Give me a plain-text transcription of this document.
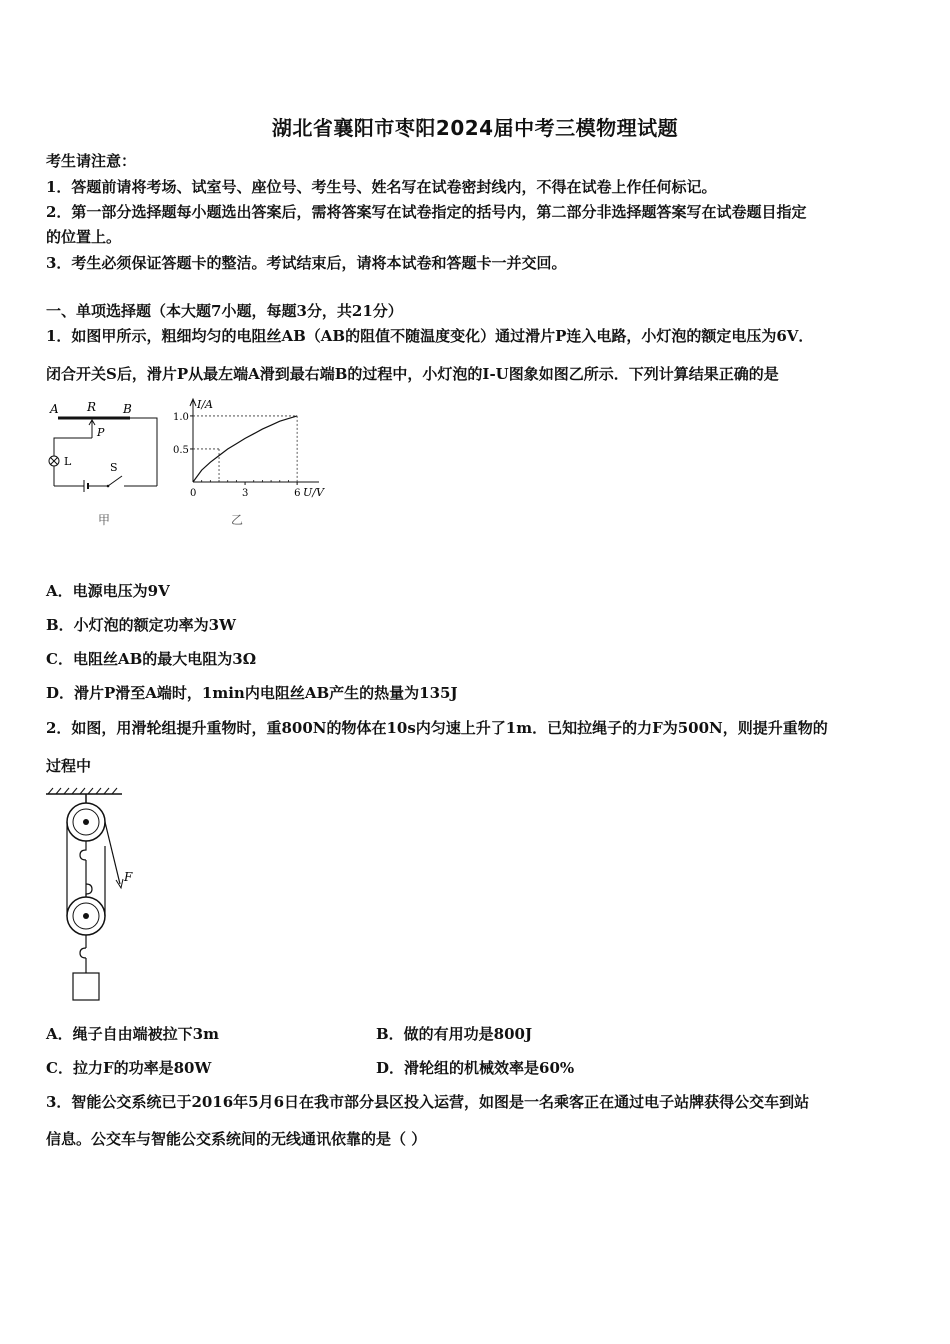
湖北省襄阳市枣阳2024届中考三模物理试题
考生请注意：
1．答题前请将考场、试室号、座位号、考生号、姓名写在试卷密封线内，不得在试卷上作任何标记。
2．第一部分选择题每小题选出答案后，需将答案写在试卷指定的括号内，第二部分非选择题答案写在试卷题目指定
的位置上。
3．考生必须保证答题卡的整洁。考试结束后，请将本试卷和答题卡一并交回。
一、单项选择题（本大题7小题，每题3分，共21分）
1．如图甲所示，粗细均匀的电阻丝AB（AB的阻值不随温度变化）通过滑片P连入电路，小灯泡的额定电压为6V．
闭合开关S后，滑片P从最左端A滑到最右端B的过程中，小灯泡的I-U图象如图乙所示．下列计算结果正确的是
A R B
P
L	S
甲
I/A
U/V
乙
0	3	6
0.5
1.0
A．电源电压为9V
B．小灯泡的额定功率为3W
C．电阻丝AB的最大电阻为3Ω
D．滑片P滑至A端时，1min内电阻丝AB产生的热量为135J
2．如图，用滑轮组提升重物时，重800N的物体在10s内匀速上升了1m．已知拉绳子的力F为500N，则提升重物的
过程中
F
A．绳子自由端被拉下3m	B．做的有用功是800J
C．拉力F的功率是80W	D．滑轮组的机械效率是60%
3．智能公交系统已于2016年5月6日在我市部分县区投入运营，如图是一名乘客正在通过电子站牌获得公交车到站
信息。公交车与智能公交系统间的无线通讯依靠的是（ ）
